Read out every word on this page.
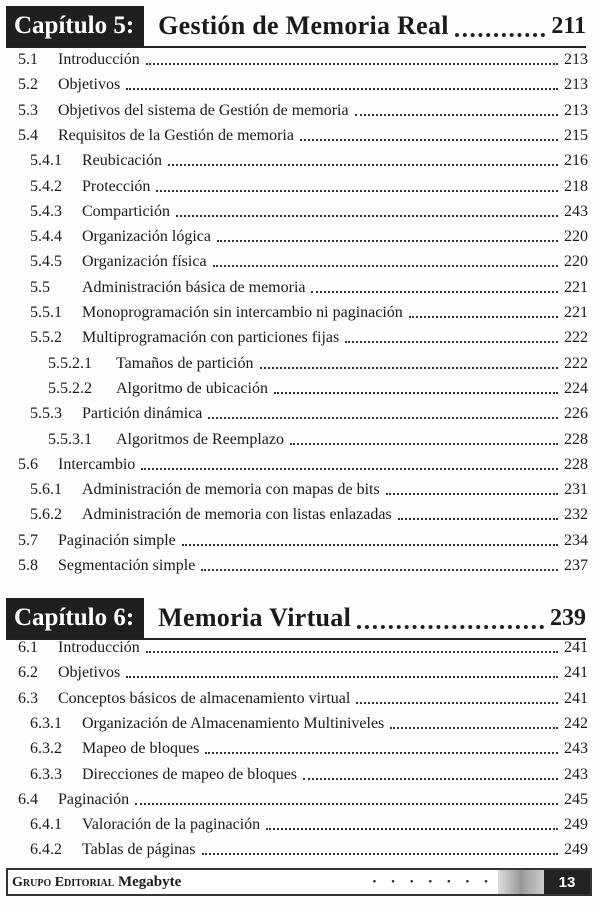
Capítulo 5: Gestión de Memoria Real	211
5.1	Introducción	213
5.2	Objetivos	213
5.3	Objetivos del sistema de Gestión de memoria	213
5.4	Requisitos de la Gestión de memoria	215
5.4.1	Reubicación	216
5.4.2	Protección	218
5.4.3	Compartición	243
5.4.4	Organización lógica	220
5.4.5	Organización física	220
5.5	Administración básica de memoria	221
5.5.1	Monoprogramación sin intercambio ni paginación	221
5.5.2	Multiprogramación con particiones fijas	222
5.5.2.1	Tamaños de partición	222
5.5.2.2	Algoritmo de ubicación	224
5.5.3	Partición dinámica	226
5.5.3.1	Algoritmos de Reemplazo	228
5.6	Intercambio	228
5.6.1	Administración de memoria con mapas de bits	231
5.6.2	Administración de memoria con listas enlazadas	232
5.7	Paginación simple	234
5.8	Segmentación simple	237
Capítulo 6: Memoria Virtual	239
6.1	Introducción	241
6.2	Objetivos	241
6.3	Conceptos básicos de almacenamiento virtual	241
6.3.1	Organización de Almacenamiento Multiniveles	242
6.3.2	Mapeo de bloques	243
6.3.3	Direcciones de mapeo de bloques	243
6.4	Paginación	245
6.4.1	Valoración de la paginación	249
6.4.2	Tablas de páginas	249
Grupo Editorial Megabyte	• • • • • • •	13
